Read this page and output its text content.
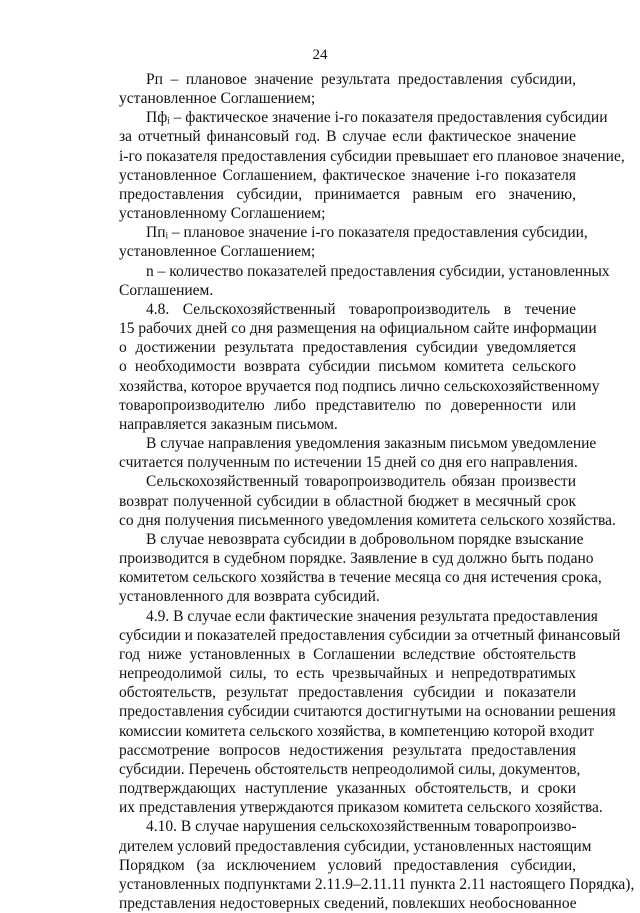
24
Рп – плановое значение результата предоставления субсидии,
установленное Соглашением;
Пфᵢ – фактическое значение i-го показателя предоставления субсидии
за отчетный финансовый год. В случае если фактическое значение
i-го показателя предоставления субсидии превышает его плановое значение,
установленное Соглашением, фактическое значение i-го показателя
предоставления субсидии, принимается равным его значению,
установленному Соглашением;
Ппᵢ – плановое значение i-го показателя предоставления субсидии,
установленное Соглашением;
n – количество показателей предоставления субсидии, установленных
Соглашением.
4.8. Сельскохозяйственный товаропроизводитель в течение
15 рабочих дней со дня размещения на официальном сайте информации
о достижении результата предоставления субсидии уведомляется
о необходимости возврата субсидии письмом комитета сельского
хозяйства, которое вручается под подпись лично сельскохозяйственному
товаропроизводителю либо представителю по доверенности или
направляется заказным письмом.
В случае направления уведомления заказным письмом уведомление
считается полученным по истечении 15 дней со дня его направления.
Сельскохозяйственный товаропроизводитель обязан произвести
возврат полученной субсидии в областной бюджет в месячный срок
со дня получения письменного уведомления комитета сельского хозяйства.
В случае невозврата субсидии в добровольном порядке взыскание
производится в судебном порядке. Заявление в суд должно быть подано
комитетом сельского хозяйства в течение месяца со дня истечения срока,
установленного для возврата субсидий.
4.9. В случае если фактические значения результата предоставления
субсидии и показателей предоставления субсидии за отчетный финансовый
год ниже установленных в Соглашении вследствие обстоятельств
непреодолимой силы, то есть чрезвычайных и непредотвратимых
обстоятельств, результат предоставления субсидии и показатели
предоставления субсидии считаются достигнутыми на основании решения
комиссии комитета сельского хозяйства, в компетенцию которой входит
рассмотрение вопросов недостижения результата предоставления
субсидии. Перечень обстоятельств непреодолимой силы, документов,
подтверждающих наступление указанных обстоятельств, и сроки
их представления утверждаются приказом комитета сельского хозяйства.
4.10. В случае нарушения сельскохозяйственным товаропроизво-
дителем условий предоставления субсидии, установленных настоящим
Порядком (за исключением условий предоставления субсидии,
установленных подпунктами 2.11.9–2.11.11 пункта 2.11 настоящего Порядка),
представления недостоверных сведений, повлекших необоснованное
